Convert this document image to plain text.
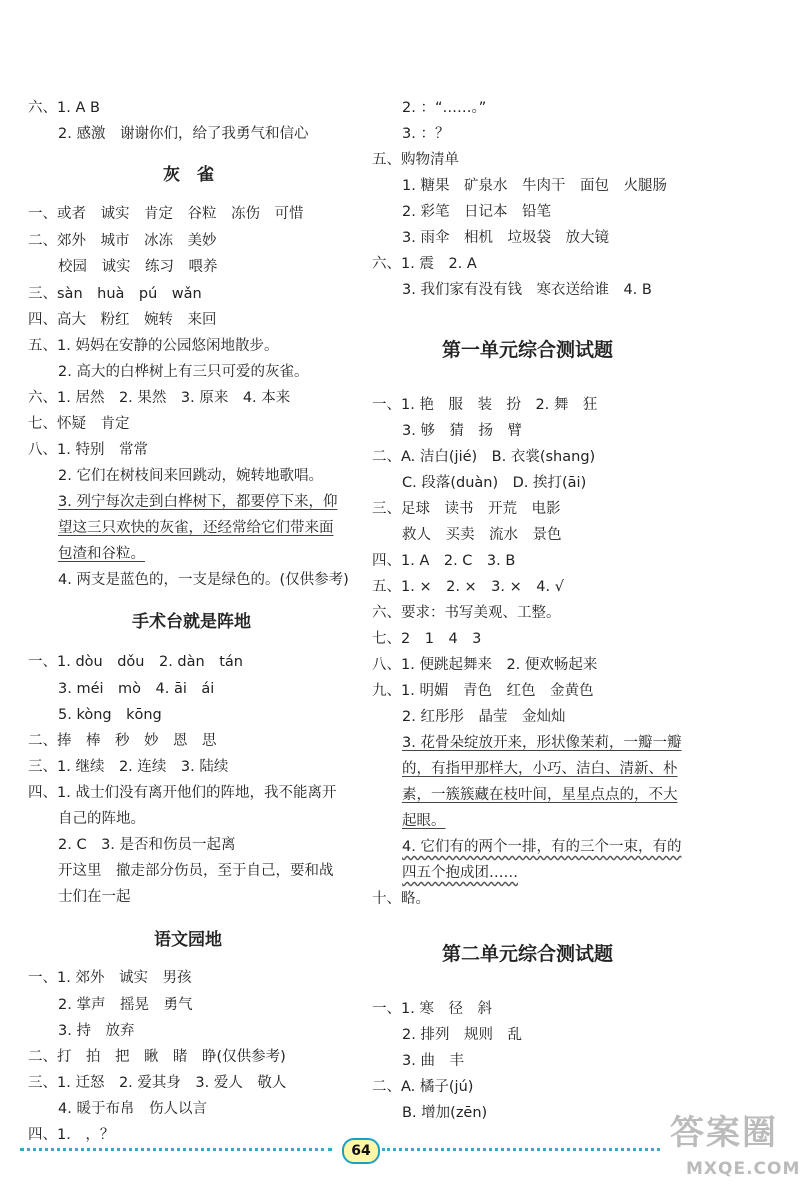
六、1. A B
2. 感激　谢谢你们，给了我勇气和信心
灰　雀
一、或者　诚实　肯定　谷粒　冻伤　可惜
二、郊外　城市　冰冻　美妙
校园　诚实　练习　喂养
三、sàn　huà　pú　wǎn
四、高大　粉红　婉转　来回
五、1. 妈妈在安静的公园悠闲地散步。
2. 高大的白桦树上有三只可爱的灰雀。
六、1. 居然　2. 果然　3. 原来　4. 本来
七、怀疑　肯定
八、1. 特别　常常
2. 它们在树枝间来回跳动，婉转地歌唱。
3. 列宁每次走到白桦树下，都要停下来，仰
望这三只欢快的灰雀，还经常给它们带来面
包渣和谷粒。
4. 两支是蓝色的，一支是绿色的。(仅供参考)
手术台就是阵地
一、1. dòu　dǒu　2. dàn　tán
3. méi　mò　4. āi　ái
5. kòng　kōng
二、捧　棒　秒　妙　恩　思
三、1. 继续　2. 连续　3. 陆续
四、1. 战士们没有离开他们的阵地，我不能离开
自己的阵地。
2. C　3. 是否和伤员一起离
开这里　撤走部分伤员，至于自己，要和战
士们在一起
语文园地
一、1. 郊外　诚实　男孩
2. 掌声　摇晃　勇气
3. 持　放弃
二、打　拍　把　瞅　睹　睁(仅供参考)
三、1. 迁怒　2. 爱其身　3. 爱人　敬人
4. 暖于布帛　伤人以言
四、1.　，？
2. ：“……。”
3. ：？
五、购物清单
1. 糖果　矿泉水　牛肉干　面包　火腿肠
2. 彩笔　日记本　铅笔
3. 雨伞　相机　垃圾袋　放大镜
六、1. 震　2. A
3. 我们家有没有钱　寒衣送给谁　4. B
第一单元综合测试题
一、1. 艳　服　装　扮　2. 舞　狂
3. 够　猜　扬　臂
二、A. 洁白(jié)　B. 衣裳(shang)
C. 段落(duàn)　D. 挨打(āi)
三、足球　读书　开荒　电影
救人　买卖　流水　景色
四、1. A　2. C　3. B
五、1. ×　2. ×　3. ×　4. √
六、要求：书写美观、工整。
七、2　1　4　3
八、1. 便跳起舞来　2. 便欢畅起来
九、1. 明媚　青色　红色　金黄色
2. 红彤彤　晶莹　金灿灿
3. 花骨朵绽放开来，形状像茉莉，一瓣一瓣
的，有指甲那样大，小巧、洁白、清新、朴
素，一簇簇藏在枝叶间，星星点点的，不大
起眼。
4. 它们有的两个一排，有的三个一束，有的
四五个抱成团……
十、略。
第二单元综合测试题
一、1. 寒　径　斜
2. 排列　规则　乱
3. 曲　丰
二、A. 橘子(jú)
B. 增加(zēn)
64	答案圈
MXQE.COM
